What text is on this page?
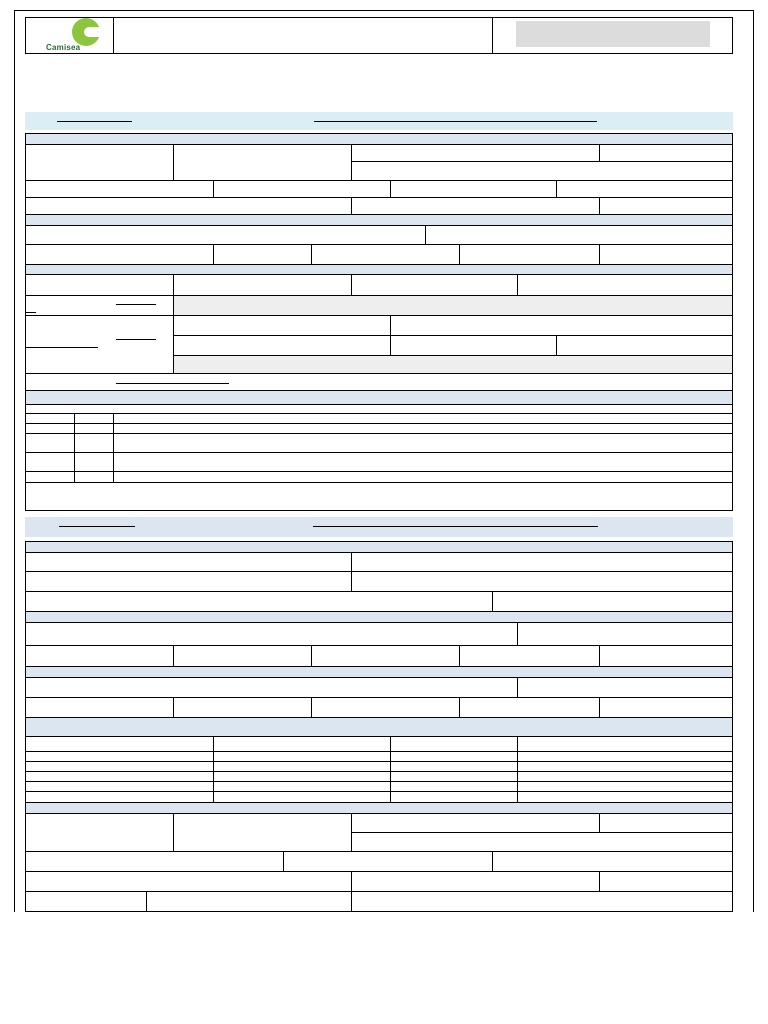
Camisea
